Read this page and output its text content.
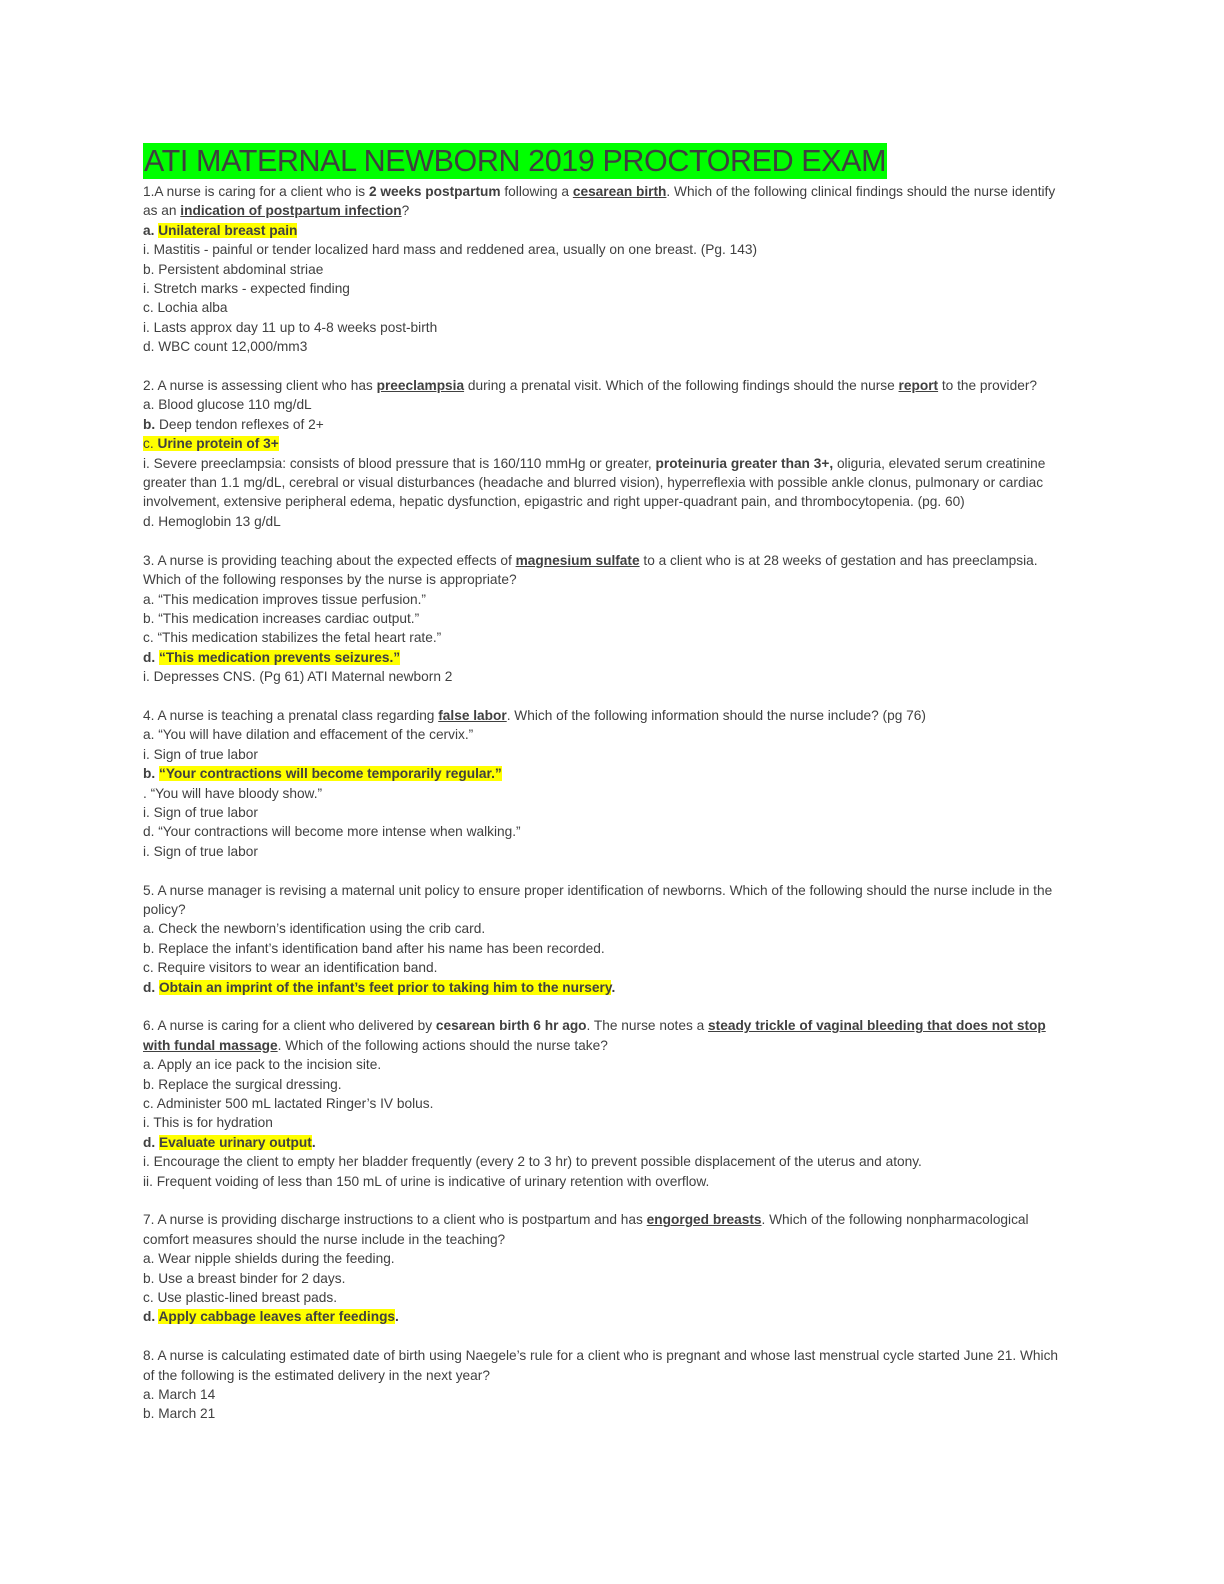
ATI MATERNAL NEWBORN 2019 PROCTORED EXAM
1.A nurse is caring for a client who is 2 weeks postpartum following a cesarean birth. Which of the following clinical findings should the nurse identify as an indication of postpartum infection?
a. Unilateral breast pain
i. Mastitis - painful or tender localized hard mass and reddened area, usually on one breast. (Pg. 143)
b. Persistent abdominal striae
i. Stretch marks - expected finding
c. Lochia alba
i. Lasts approx day 11 up to 4-8 weeks post-birth
d. WBC count 12,000/mm3
2. A nurse is assessing client who has preeclampsia during a prenatal visit. Which of the following findings should the nurse report to the provider?
a. Blood glucose 110 mg/dL
b. Deep tendon reflexes of 2+
c. Urine protein of 3+
i. Severe preeclampsia: consists of blood pressure that is 160/110 mmHg or greater, proteinuria greater than 3+, oliguria, elevated serum creatinine greater than 1.1 mg/dL, cerebral or visual disturbances (headache and blurred vision), hyperreflexia with possible ankle clonus, pulmonary or cardiac involvement, extensive peripheral edema, hepatic dysfunction, epigastric and right upper-quadrant pain, and thrombocytopenia. (pg. 60)
d. Hemoglobin 13 g/dL
3. A nurse is providing teaching about the expected effects of magnesium sulfate to a client who is at 28 weeks of gestation and has preeclampsia. Which of the following responses by the nurse is appropriate?
a. “This medication improves tissue perfusion.”
b. “This medication increases cardiac output.”
c. “This medication stabilizes the fetal heart rate.”
d. “This medication prevents seizures.”
i. Depresses CNS. (Pg 61) ATI Maternal newborn 2
4. A nurse is teaching a prenatal class regarding false labor. Which of the following information should the nurse include? (pg 76)
a. “You will have dilation and effacement of the cervix.”
i. Sign of true labor
b. “Your contractions will become temporarily regular.”
. “You will have bloody show.”
i. Sign of true labor
d. “Your contractions will become more intense when walking.”
i. Sign of true labor
5. A nurse manager is revising a maternal unit policy to ensure proper identification of newborns. Which of the following should the nurse include in the policy?
a. Check the newborn’s identification using the crib card.
b. Replace the infant’s identification band after his name has been recorded.
c. Require visitors to wear an identification band.
d. Obtain an imprint of the infant’s feet prior to taking him to the nursery.
6. A nurse is caring for a client who delivered by cesarean birth 6 hr ago. The nurse notes a steady trickle of vaginal bleeding that does not stop with fundal massage. Which of the following actions should the nurse take?
a. Apply an ice pack to the incision site.
b. Replace the surgical dressing.
c. Administer 500 mL lactated Ringer’s IV bolus.
i. This is for hydration
d. Evaluate urinary output.
i. Encourage the client to empty her bladder frequently (every 2 to 3 hr) to prevent possible displacement of the uterus and atony.
ii. Frequent voiding of less than 150 mL of urine is indicative of urinary retention with overflow.
7. A nurse is providing discharge instructions to a client who is postpartum and has engorged breasts. Which of the following nonpharmacological comfort measures should the nurse include in the teaching?
a. Wear nipple shields during the feeding.
b. Use a breast binder for 2 days.
c. Use plastic-lined breast pads.
d. Apply cabbage leaves after feedings.
8. A nurse is calculating estimated date of birth using Naegele’s rule for a client who is pregnant and whose last menstrual cycle started June 21. Which of the following is the estimated delivery in the next year?
a. March 14
b. March 21
